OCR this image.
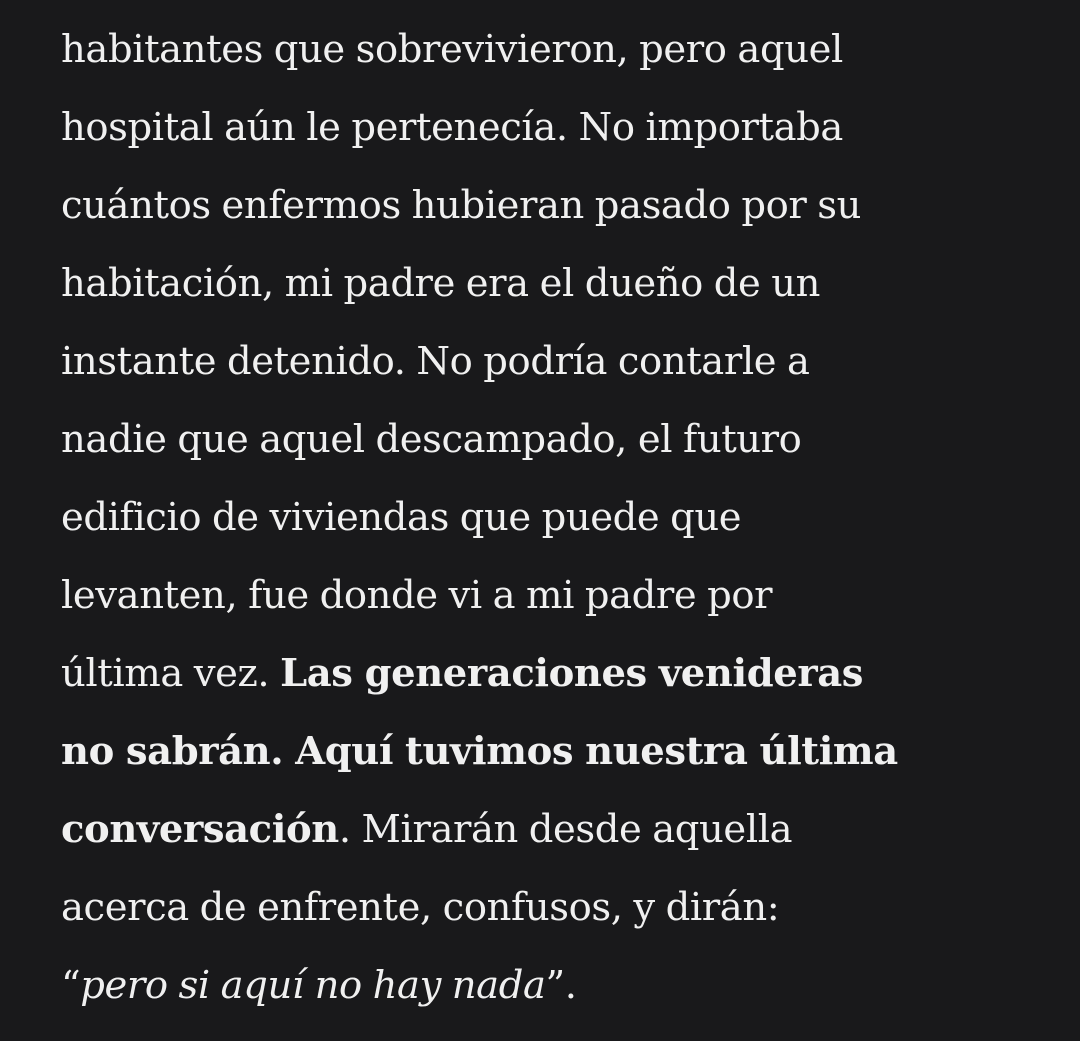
habitantes que sobrevivieron, pero aquel
hospital aún le pertenecía. No importaba
cuántos enfermos hubieran pasado por su
habitación, mi padre era el dueño de un
instante detenido. No podría contarle a
nadie que aquel descampado, el futuro
edificio de viviendas que puede que
levanten, fue donde vi a mi padre por
última vez. Las generaciones venideras
no sabrán. Aquí tuvimos nuestra última
conversación. Mirarán desde aquella
acerca de enfrente, confusos, y dirán:
“pero si aquí no hay nada”.
